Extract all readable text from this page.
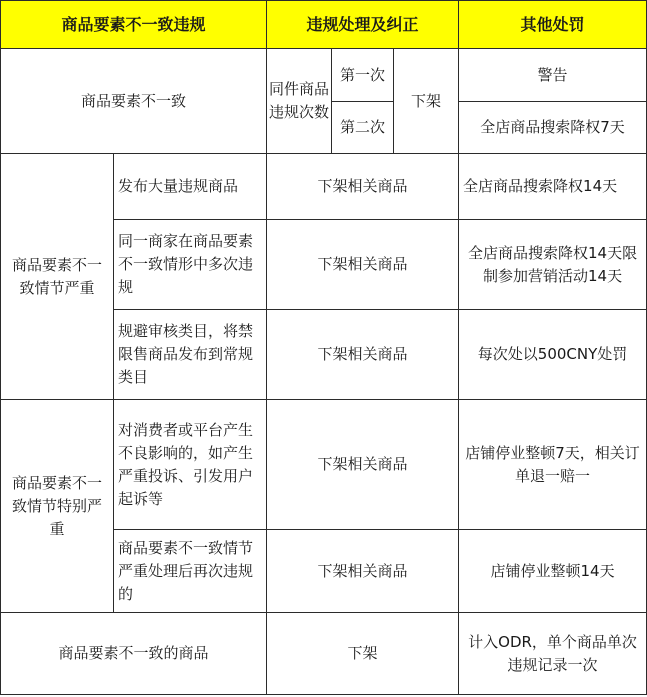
商品要素不一致违规		违规处理及纠正			其他处罚
商品要素不一致		同件商品违规次数	第一次	下架	警告
			第二次		全店商品搜索降权7天
商品要素不一致情节严重	发布大量违规商品	下架相关商品			全店商品搜索降权14天
	同一商家在商品要素不一致情形中多次违规	下架相关商品			全店商品搜索降权14天限制参加营销活动14天
	规避审核类目，将禁限售商品发布到常规类目	下架相关商品			每次处以500CNY处罚
商品要素不一致情节特别严重	对消费者或平台产生不良影响的，如产生严重投诉、引发用户起诉等	下架相关商品			店铺停业整顿7天，相关订单退一赔一
	商品要素不一致情节严重处理后再次违规的	下架相关商品			店铺停业整顿14天
商品要素不一致的商品		下架			计入ODR，单个商品单次违规记录一次
